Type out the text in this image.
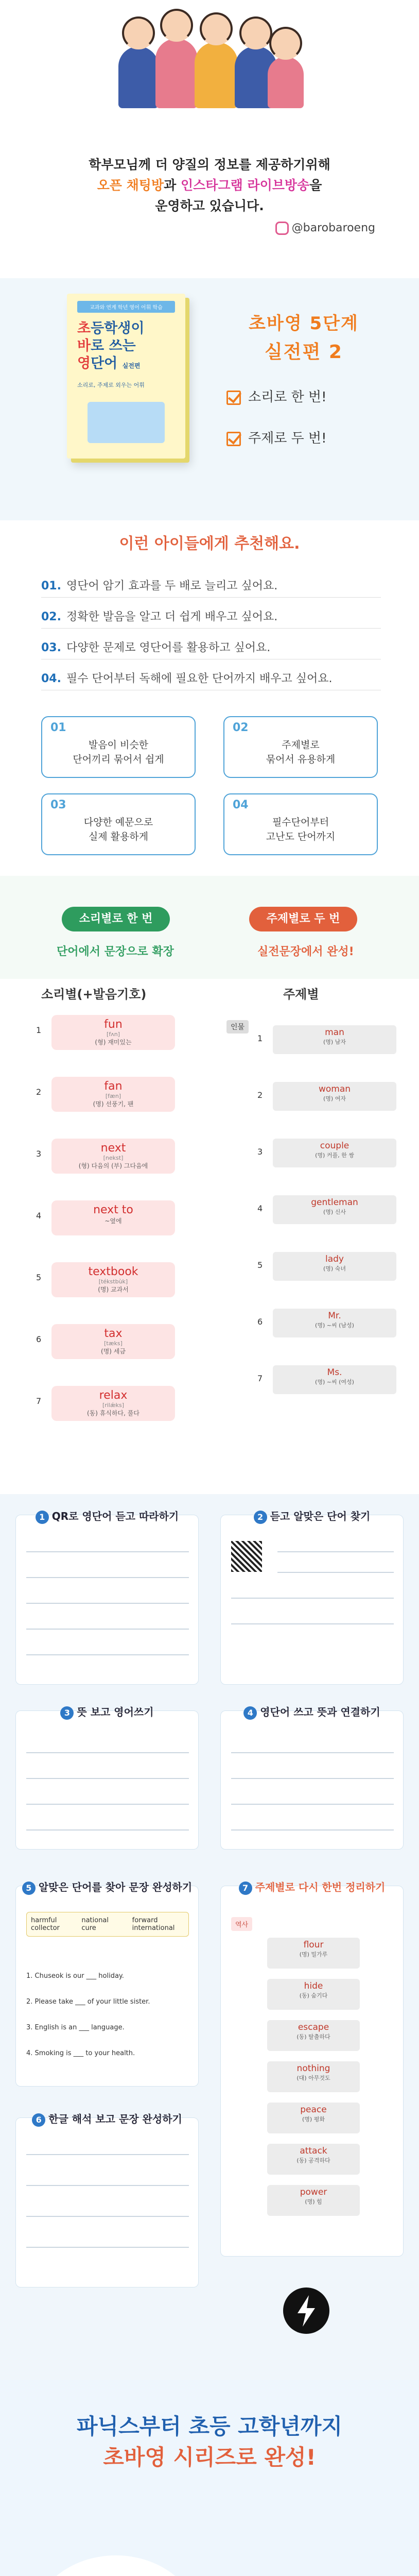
학부모님께 더 양질의 정보를 제공하기위해
오픈 채팅방과 인스타그램 라이브방송을
운영하고 있습니다.
@barobaroeng
교과와 연계 학년 영어 어휘 학습
초등학생이
바로 쓰는
영단어 실전편
소리로, 주제로 외우는 어휘
초바영 5단계
실전편 2
소리로 한 번!
주제로 두 번!
이런 아이들에게 추천해요.
01. 영단어 암기 효과를 두 배로 늘리고 싶어요.
02. 정확한 발음을 알고 더 쉽게 배우고 싶어요.
03. 다양한 문제로 영단어를 활용하고 싶어요.
04. 필수 단어부터 독해에 필요한 단어까지 배우고 싶어요.
01
발음이 비슷한
단어끼리 묶어서 쉽게
02
주제별로
묶어서 유용하게
03
다양한 예문으로
실제 활용하게
04
필수단어부터
고난도 단어까지
소리별로 한 번	주제별로 두 번
단어에서 문장으로 확장	실전문장에서 완성!
소리별(+발음기호)	주제별
인물
1	fun
[fʌn]
(형) 재미있는
2	fan
[fæn]
(명) 선풍기, 팬
3	next
[nekst]
(형) 다음의 (부) 그다음에
4	next to
~옆에
5	textbook
[tékstbùk]
(명) 교과서
6	tax
[tæks]
(명) 세금
7	relax
[rilǽks]
(동) 휴식하다, 풀다
1
man
(명) 남자
2
woman
(명) 여자
3
couple
(명) 커플, 한 쌍
4
gentleman
(명) 신사
5
lady
(명) 숙녀
6
Mr.
(명) ~씨 (남성)
7
Ms.
(명) ~씨 (여성)
1 QR로 영단어 듣고 따라하기	2 듣고 알맞은 단어 찾기
3 뜻 보고 영어쓰기	4 영단어 쓰고 뜻과 연결하기
5 알맞은 단어를 찾아 문장 완성하기
harmful	national	forward
collector	cure	international
1. Chuseok is our ___ holiday.
2. Please take ___ of your little sister.
3. English is an ___ language.
4. Smoking is ___ to your health.
6 한글 해석 보고 문장 완성하기
7 주제별로 다시 한번 정리하기
역사
flour
(명) 밀가루
hide
(동) 숨기다
escape
(동) 탈출하다
nothing
(대) 아무것도
peace
(명) 평화
attack
(동) 공격하다
power
(명) 힘
파닉스부터 초등 고학년까지
초바영 시리즈로 완성!
